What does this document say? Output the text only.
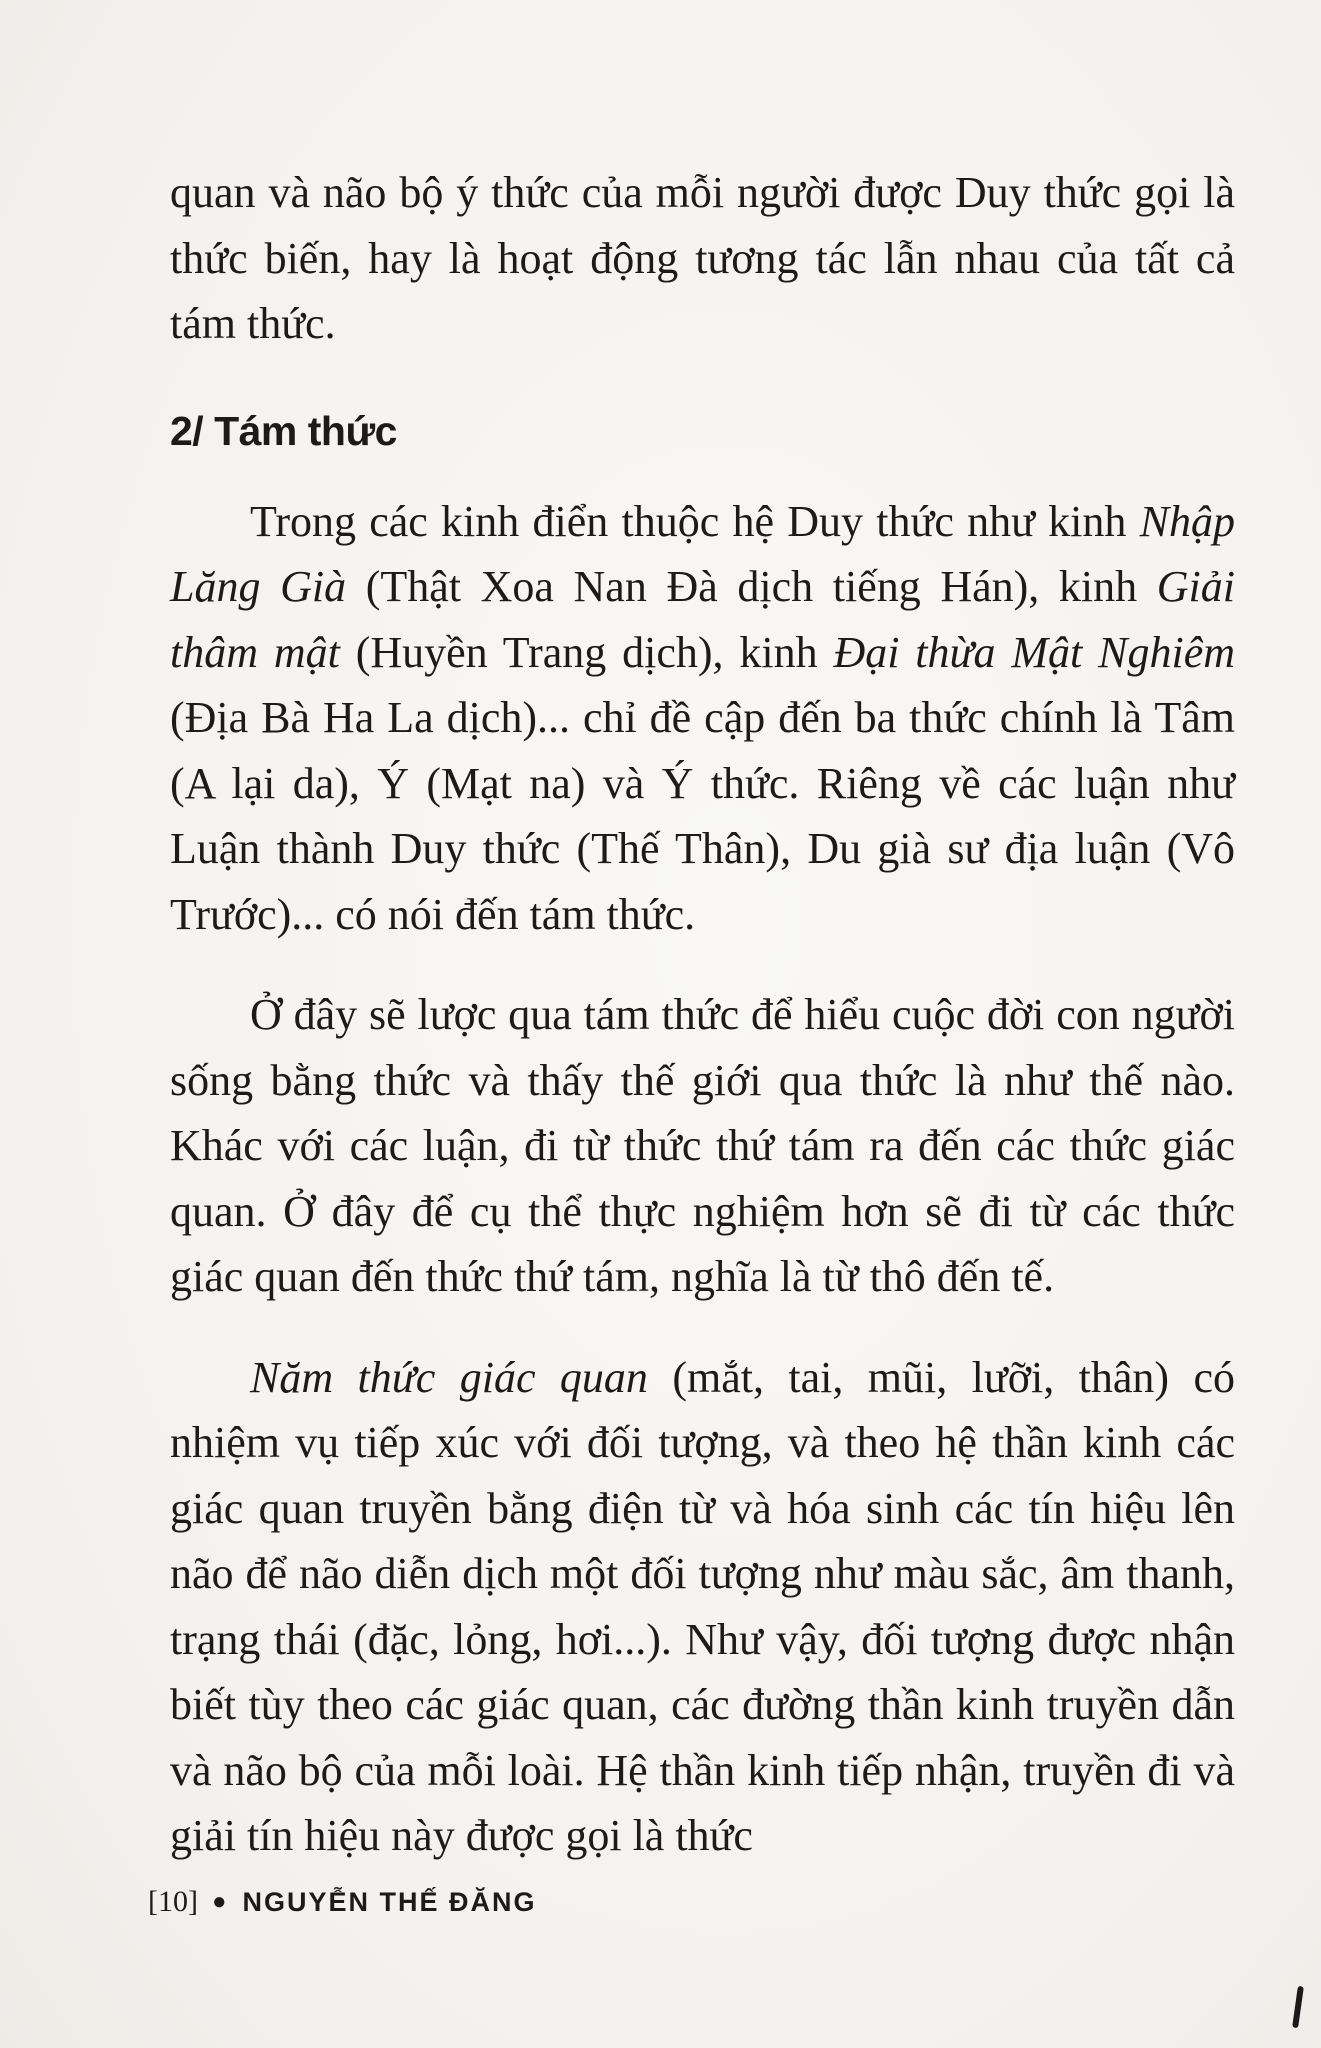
quan và não bộ ý thức của mỗi người được Duy thức gọi là thức biến, hay là hoạt động tương tác lẫn nhau của tất cả tám thức.

2/ Tám thức

Trong các kinh điển thuộc hệ Duy thức như kinh Nhập Lăng Già (Thật Xoa Nan Đà dịch tiếng Hán), kinh Giải thâm mật (Huyền Trang dịch), kinh Đại thừa Mật Nghiêm (Địa Bà Ha La dịch)... chỉ đề cập đến ba thức chính là Tâm (A lại da), Ý (Mạt na) và Ý thức. Riêng về các luận như Luận thành Duy thức (Thế Thân), Du già sư địa luận (Vô Trước)... có nói đến tám thức.

Ở đây sẽ lược qua tám thức để hiểu cuộc đời con người sống bằng thức và thấy thế giới qua thức là như thế nào. Khác với các luận, đi từ thức thứ tám ra đến các thức giác quan. Ở đây để cụ thể thực nghiệm hơn sẽ đi từ các thức giác quan đến thức thứ tám, nghĩa là từ thô đến tế.

Năm thức giác quan (mắt, tai, mũi, lưỡi, thân) có nhiệm vụ tiếp xúc với đối tượng, và theo hệ thần kinh các giác quan truyền bằng điện từ và hóa sinh các tín hiệu lên não để não diễn dịch một đối tượng như màu sắc, âm thanh, trạng thái (đặc, lỏng, hơi...). Như vậy, đối tượng được nhận biết tùy theo các giác quan, các đường thần kinh truyền dẫn và não bộ của mỗi loài. Hệ thần kinh tiếp nhận, truyền đi và giải tín hiệu này được gọi là thức

[10] ● NGUYỄN THẾ ĐĂNG
